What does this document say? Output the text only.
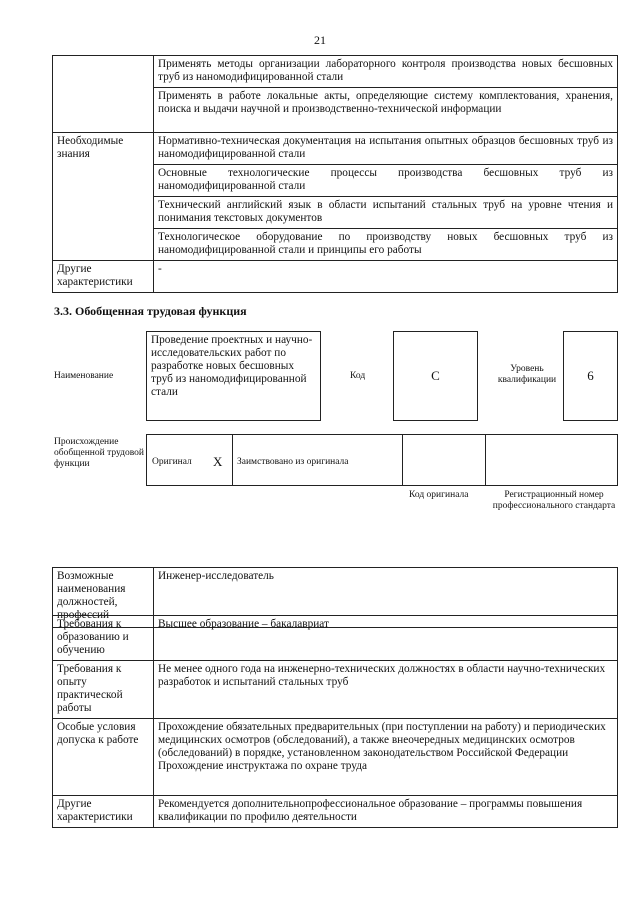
21
	Применять методы организации лабораторного контроля производства новых бесшовных труб из наномодифицированной стали
	Применять в работе локальные акты, определяющие систему комплектования, хранения, поиска и выдачи научной и производственно-технической информации
Необходимые знания	Нормативно-техническая документация на испытания опытных образцов бесшовных труб из наномодифицированной стали
	Основные технологические процессы производства бесшовных труб из наномодифицированной стали
	Технический английский язык в области испытаний стальных труб на уровне чтения и понимания текстовых документов
	Технологическое оборудование по производству новых бесшовных труб из наномодифицированной стали и принципы его работы
Другие характеристики	-
3.3. Обобщенная трудовая функция
Наименование
Проведение проектных и научно-исследовательских работ по разработке новых бесшовных труб из наномодифицированной стали
Код	C	Уровень квалификации	6
Происхождение обобщенной трудовой функции	Оригинал X Заимствовано из оригинала
Код оригинала	Регистрационный номер профессионального стандарта
Возможные наименования должностей, профессий	Инженер-исследователь
Требования к образованию и обучению	Высшее образование – бакалавриат

Требования к опыту практической работы	Не менее одного года на инженерно-технических должностях в области научно-технических разработок и испытаний стальных труб

Особые условия допуска к работе	Прохождение обязательных предварительных (при поступлении на работу) и периодических медицинских осмотров (обследований), а также внеочередных медицинских осмотров (обследований) в порядке, установленном законодательством Российской Федерации
Прохождение инструктажа по охране труда

Другие характеристики	Рекомендуется дополнительнопрофессиональное образование – программы повышения квалификации по профилю деятельности
